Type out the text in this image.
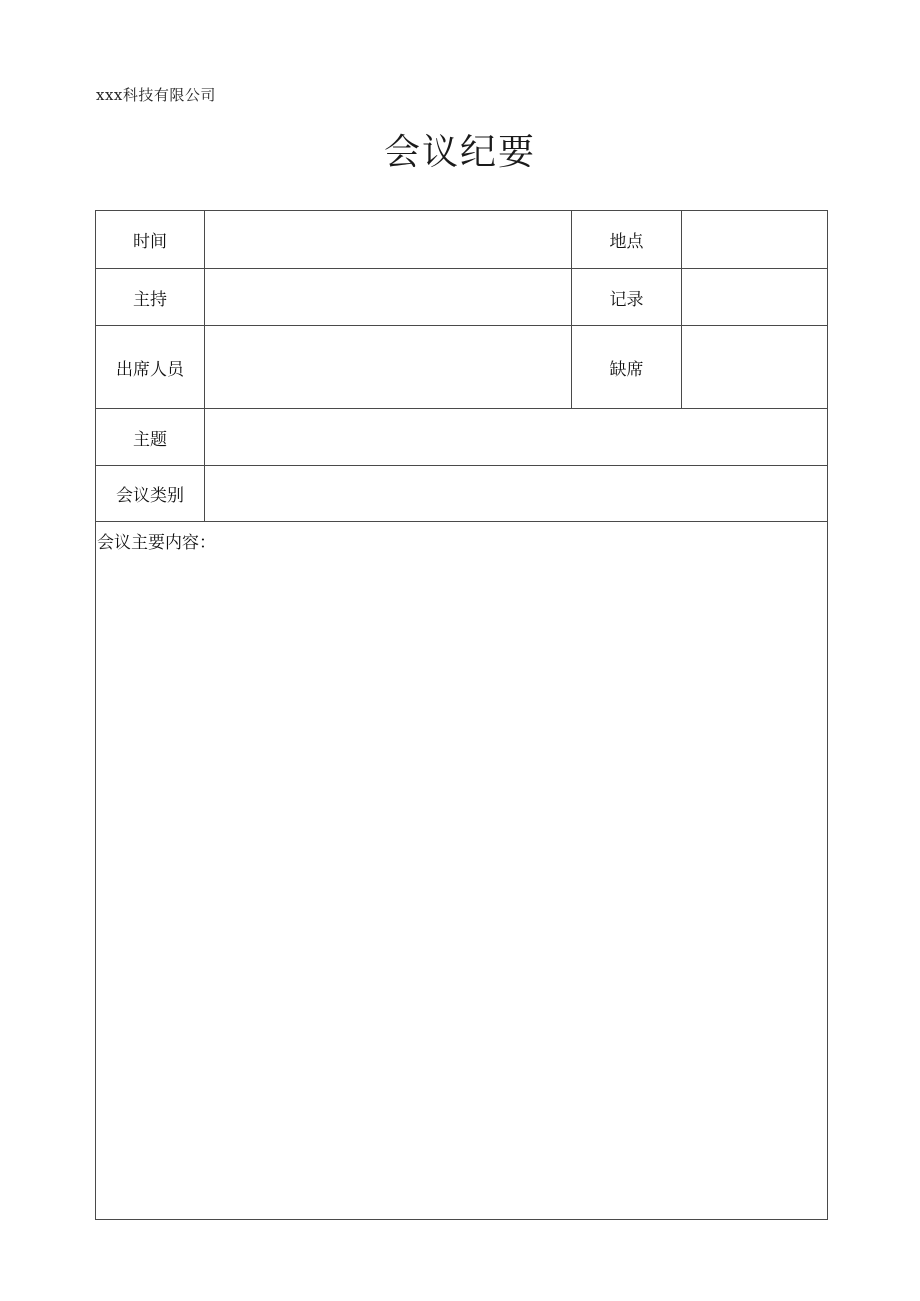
xxx科技有限公司
会议纪要
时间		地点	
主持		记录	
出席人员		缺席	
主题			
会议类别			

会议主要内容：			
